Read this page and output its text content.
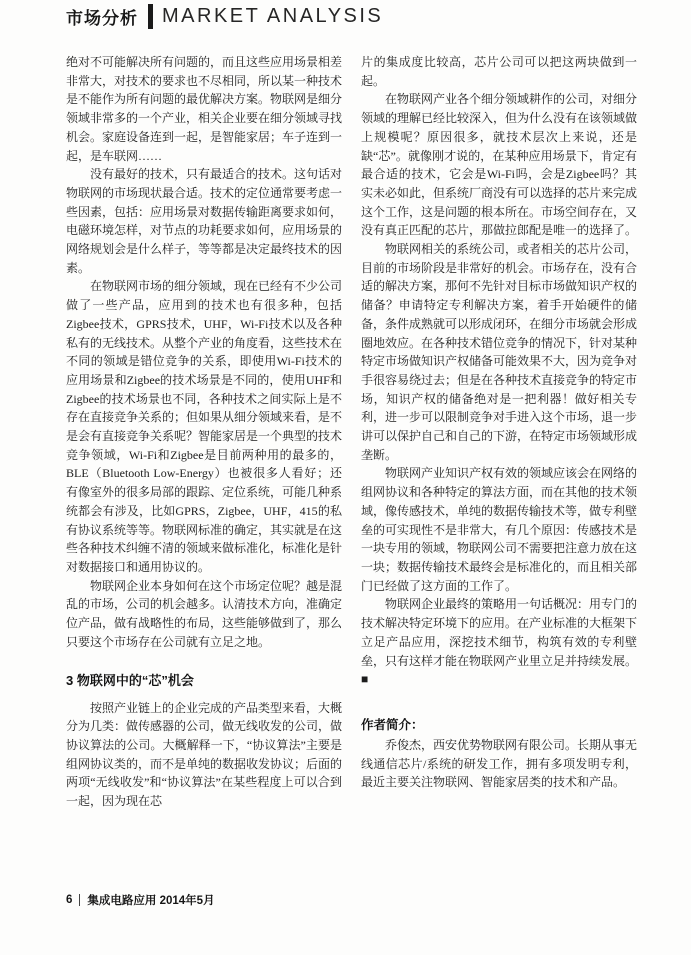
市场分析 MARKET ANALYSIS

绝对不可能解决所有问题的，而且这些应用场景相差非常大，对技术的要求也不尽相同，所以某一种技术是不能作为所有问题的最优解决方案。物联网是细分领域非常多的一个产业，相关企业要在细分领域寻找机会。家庭设备连到一起，是智能家居；车子连到一起，是车联网……

没有最好的技术，只有最适合的技术。这句话对物联网的市场现状最合适。技术的定位通常要考虑一些因素，包括：应用场景对数据传输距离要求如何，电磁环境怎样，对节点的功耗要求如何，应用场景的网络规划会是什么样子，等等都是决定最终技术的因素。

在物联网市场的细分领域，现在已经有不少公司做了一些产品，应用到的技术也有很多种，包括Zigbee技术，GPRS技术，UHF，Wi-Fi技术以及各种私有的无线技术。从整个产业的角度看，这些技术在不同的领域是错位竞争的关系，即使用Wi-Fi技术的应用场景和Zigbee的技术场景是不同的，使用UHF和Zigbee的技术场景也不同，各种技术之间实际上是不存在直接竞争关系的；但如果从细分领域来看，是不是会有直接竞争关系呢？智能家居是一个典型的技术竞争领域，Wi-Fi和Zigbee是目前两种用的最多的，BLE（Bluetooth Low-Energy）也被很多人看好；还有像室外的很多局部的跟踪、定位系统，可能几种系统都会有涉及，比如GPRS，Zigbee，UHF，415的私有协议系统等等。物联网标准的确定，其实就是在这些各种技术纠缠不清的领域来做标准化，标准化是针对数据接口和通用协议的。

物联网企业本身如何在这个市场定位呢？越是混乱的市场，公司的机会越多。认清技术方向，准确定位产品，做有战略性的布局，这些能够做到了，那么只要这个市场存在公司就有立足之地。

3 物联网中的“芯”机会

按照产业链上的企业完成的产品类型来看，大概分为几类：做传感器的公司，做无线收发的公司，做协议算法的公司。大概解释一下，“协议算法”主要是组网协议类的，而不是单纯的数据收发协议；后面的两项“无线收发”和“协议算法”在某些程度上可以合到一起，因为现在芯

片的集成度比较高，芯片公司可以把这两块做到一起。

在物联网产业各个细分领域耕作的公司，对细分领域的理解已经比较深入，但为什么没有在该领域做上规模呢？原因很多，就技术层次上来说，还是缺“芯”。就像刚才说的，在某种应用场景下，肯定有最合适的技术，它会是Wi-Fi吗，会是Zigbee吗？其实未必如此，但系统厂商没有可以选择的芯片来完成这个工作，这是问题的根本所在。市场空间存在，又没有真正匹配的芯片，那做拉郎配是唯一的选择了。

物联网相关的系统公司，或者相关的芯片公司，目前的市场阶段是非常好的机会。市场存在，没有合适的解决方案，那何不先针对目标市场做知识产权的储备？申请特定专利解决方案，着手开始硬件的储备，条件成熟就可以形成闭环，在细分市场就会形成圈地效应。在各种技术错位竞争的情况下，针对某种特定市场做知识产权储备可能效果不大，因为竞争对手很容易绕过去；但是在各种技术直接竞争的特定市场，知识产权的储备绝对是一把利器！做好相关专利，进一步可以限制竞争对手进入这个市场，退一步讲可以保护自己和自己的下游，在特定市场领域形成垄断。

物联网产业知识产权有效的领域应该会在网络的组网协议和各种特定的算法方面，而在其他的技术领域，像传感技术，单纯的数据传输技术等，做专利壁垒的可实现性不是非常大，有几个原因：传感技术是一块专用的领域，物联网公司不需要把注意力放在这一块；数据传输技术最终会是标准化的，而且相关部门已经做了这方面的工作了。

物联网企业最终的策略用一句话概况：用专门的技术解决特定环境下的应用。在产业标准的大框架下立足产品应用，深挖技术细节，构筑有效的专利壁垒，只有这样才能在物联网产业里立足并持续发展。■

作者简介：

乔俊杰，西安优势物联网有限公司。长期从事无线通信芯片/系统的研发工作，拥有多项发明专利，最近主要关注物联网、智能家居类的技术和产品。

6 集成电路应用 2014年5月
